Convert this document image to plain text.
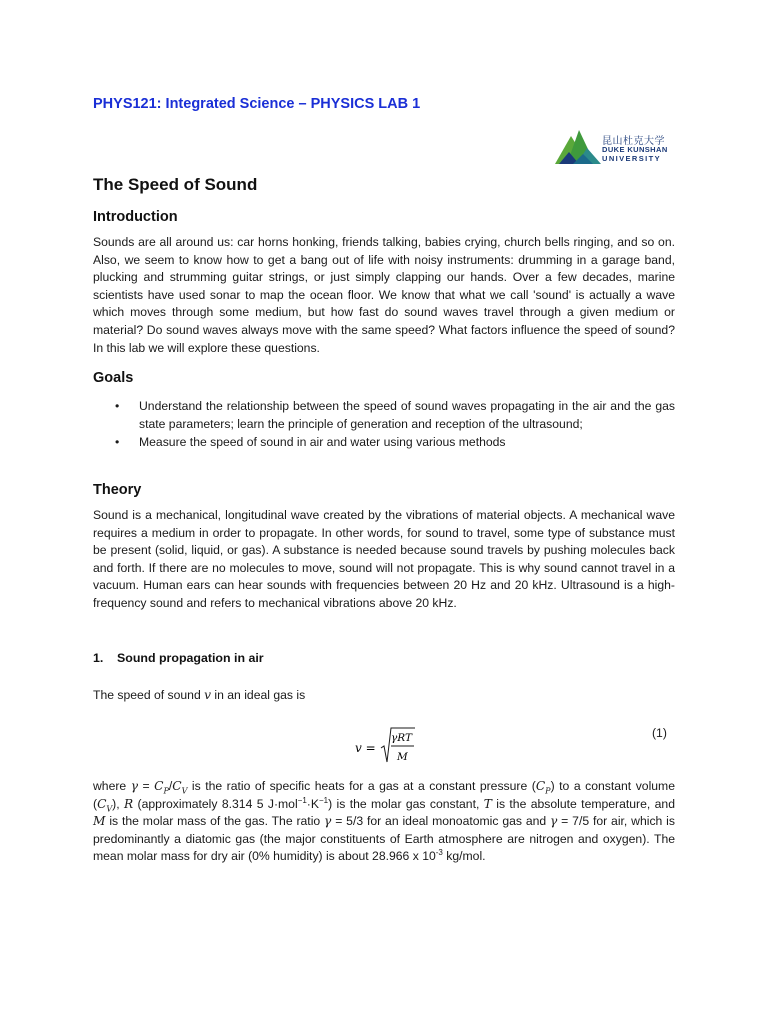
PHYS121: Integrated Science – PHYSICS LAB 1
昆山杜克大学
DUKE KUNSHAN
UNIVERSITY
The Speed of Sound
Introduction

Sounds are all around us: car horns honking, friends talking, babies crying, church bells ringing, and so on. Also, we seem to know how to get a bang out of life with noisy instruments: drumming in a garage band, plucking and strumming guitar strings, or just simply clapping our hands. Over a few decades, marine scientists have used sonar to map the ocean floor. We know that what we call 'sound' is actually a wave which moves through some medium, but how fast do sound waves travel through a given medium or material? Do sound waves always move with the same speed? What factors influence the speed of sound? In this lab we will explore these questions.

Goals
• Understand the relationship between the speed of sound waves propagating in the air and the gas state parameters; learn the principle of generation and reception of the ultrasound;
• Measure the speed of sound in air and water using various methods
Theory

Sound is a mechanical, longitudinal wave created by the vibrations of material objects. A mechanical wave requires a medium in order to propagate. In other words, for sound to travel, some type of substance must be present (solid, liquid, or gas). A substance is needed because sound travels by pushing molecules back and forth. If there are no molecules to move, sound will not propagate. This is why sound cannot travel in a vacuum. Human ears can hear sounds with frequencies between 20 Hz and 20 kHz. Ultrasound is a high-frequency sound and refers to mechanical vibrations above 20 kHz.

1. Sound propagation in air

The speed of sound v in an ideal gas is

v =
γRT
M
(1)

where $\gamma = C_P/C_V$ is the ratio of specific heats for a gas at a constant pressure $(C_P)$ to a constant volume $(C_V)$, R (approximately 8.314 5 $J\cdot mol^{-1}\cdot K^{-1}$) is the molar gas constant, T is the absolute temperature, and M is the molar mass of the gas. The ratio γ = 5/3 for an ideal monoatomic gas and γ = 7/5 for air, which is predominantly a diatomic gas (the major constituents of Earth atmosphere are nitrogen and oxygen). The mean molar mass for dry air (0% humidity) is about 28.966 x $10^{-3}$ kg/mol.
